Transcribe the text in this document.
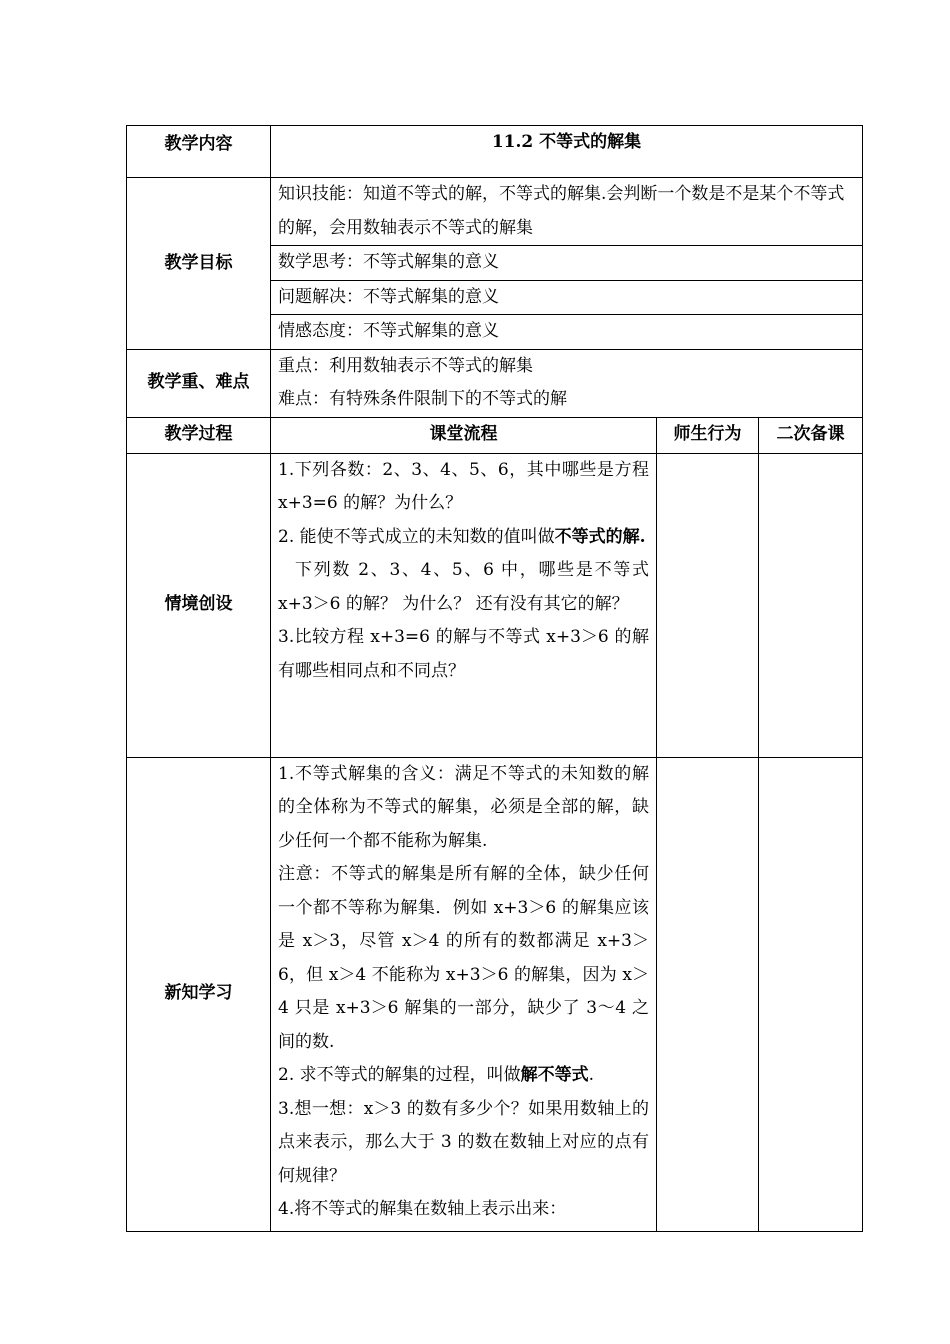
教学内容	11.2 不等式的解集		
教学目标	知识技能：知道不等式的解，不等式的解集.会判断一个数是不是某个不等式的解，会用数轴表示不等式的解集		
	数学思考：不等式解集的意义		
	问题解决：不等式解集的意义		
	情感态度：不等式解集的意义		
教学重、难点	重点：利用数轴表示不等式的解集
难点：有特殊条件限制下的不等式的解		

教学过程	课堂流程	师生行为	二次备课
情境创设	1.下列各数：2、3、4、5、6，其中哪些是方程 x+3=6 的解？为什么？

2. 能使不等式成立的未知数的值叫做不等式的解.

下列数 2、3、4、5、6 中，哪些是不等式 x+3＞6 的解？ 为什么？ 还有没有其它的解？

3.比较方程 x+3=6 的解与不等式 x+3＞6 的解有哪些相同点和不同点？		

新知学习	1.不等式解集的含义：满足不等式的未知数的解的全体称为不等式的解集，必须是全部的解，缺少任何一个都不能称为解集.

注意：不等式的解集是所有解的全体，缺少任何一个都不等称为解集．例如 x+3＞6 的解集应该是 x＞3，尽管 x＞4 的所有的数都满足 x+3＞6，但 x＞4 不能称为 x+3＞6 的解集，因为 x＞4 只是 x+3＞6 解集的一部分，缺少了 3～4 之间的数.

2. 求不等式的解集的过程，叫做解不等式.

3.想一想：x＞3 的数有多少个？如果用数轴上的点来表示，那么大于 3 的数在数轴上对应的点有何规律？

4.将不等式的解集在数轴上表示出来：		
